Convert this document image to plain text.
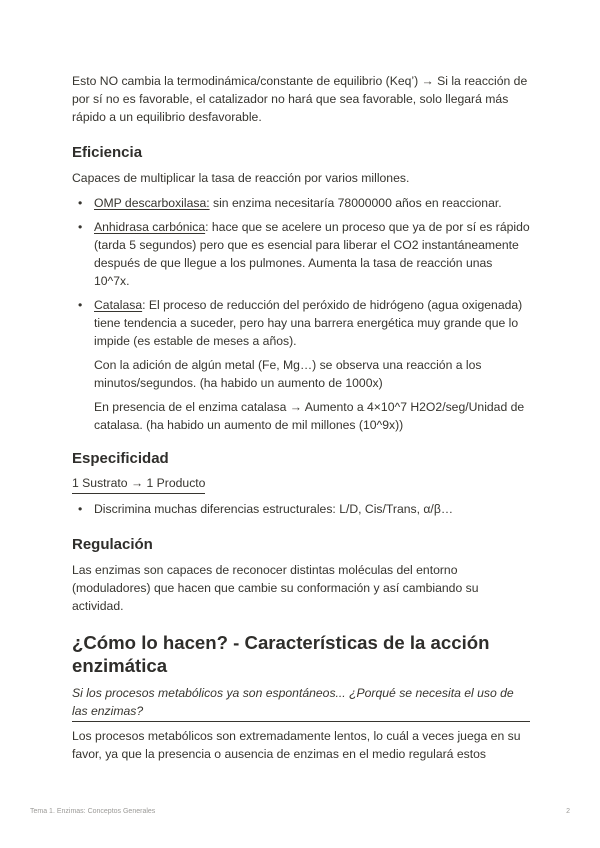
Esto NO cambia la termodinámica/constante de equilibrio (Keq’) → Si la reacción de por sí no es favorable, el catalizador no hará que sea favorable, solo llegará más rápido a un equilibrio desfavorable.

Eficiencia

Capaces de multiplicar la tasa de reacción por varios millones.

• OMP descarboxilasa: sin enzima necesitaría 78000000 años en reaccionar.
• Anhidrasa carbónica: hace que se acelere un proceso que ya de por sí es rápido (tarda 5 segundos) pero que es esencial para liberar el CO2 instantáneamente después de que llegue a los pulmones. Aumenta la tasa de reacción unas 10^7x.
• Catalasa: El proceso de reducción del peróxido de hidrógeno (agua oxigenada) tiene tendencia a suceder, pero hay una barrera energética muy grande que lo impide (es estable de meses a años).

Con la adición de algún metal (Fe, Mg…) se observa una reacción a los minutos/segundos. (ha habido un aumento de 1000x)

En presencia de el enzima catalasa → Aumento a 4×10^7 H2O2/seg/Unidad de catalasa. (ha habido un aumento de mil millones (10^9x))

Especificidad

1 Sustrato → 1 Producto

• Discrimina muchas diferencias estructurales: L/D, Cis/Trans, α/β…
Regulación

Las enzimas son capaces de reconocer distintas moléculas del entorno (moduladores) que hacen que cambie su conformación y así cambiando su actividad.

¿Cómo lo hacen? - Características de la acción enzimática

Si los procesos metabólicos ya son espontáneos... ¿Porqué se necesita el uso de las enzimas?

Los procesos metabólicos son extremadamente lentos, lo cuál a veces juega en su favor, ya que la presencia o ausencia de enzimas en el medio regulará estos

Tema 1. Enzimas: Conceptos Generales	2
